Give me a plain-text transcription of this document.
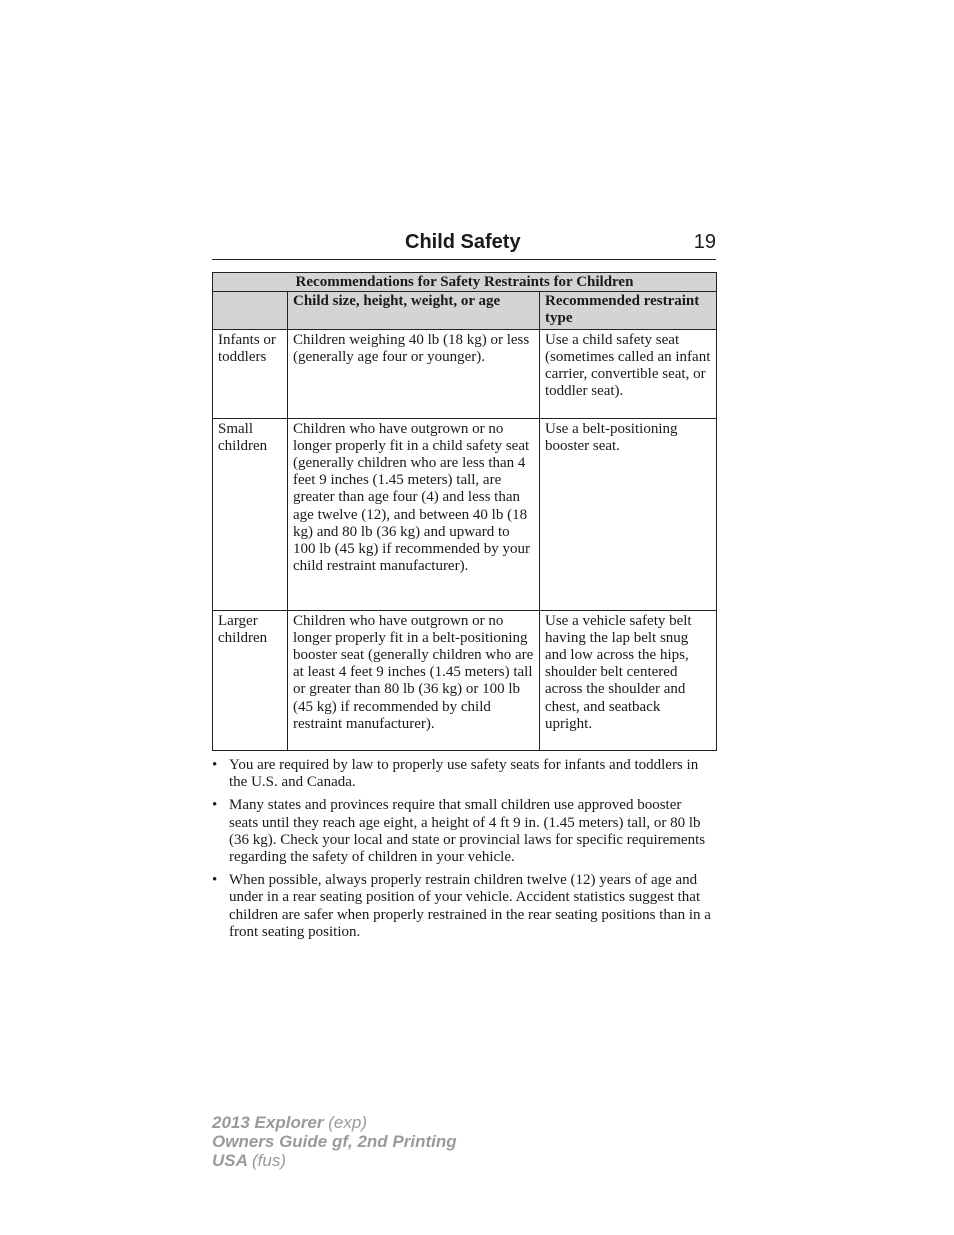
Child Safety	19
Recommendations for Safety Restraints for Children		
	Child size, height, weight, or age	Recommended restraint type
Infants or toddlers	Children weighing 40 lb (18 kg) or less (generally age four or younger).	Use a child safety seat (sometimes called an infant carrier, convertible seat, or toddler seat).
Small children	Children who have outgrown or no longer properly fit in a child safety seat (generally children who are less than 4 feet 9 inches (1.45 meters) tall, are greater than age four (4) and less than age twelve (12), and between 40 lb (18 kg) and 80 lb (36 kg) and upward to 100 lb (45 kg) if recommended by your child restraint manufacturer).	Use a belt-positioning booster seat.
Larger children	Children who have outgrown or no longer properly fit in a belt-positioning booster seat (generally children who are at least 4 feet 9 inches (1.45 meters) tall or greater than 80 lb (36 kg) or 100 lb (45 kg) if recommended by child restraint manufacturer).	Use a vehicle safety belt having the lap belt snug and low across the hips, shoulder belt centered across the shoulder and chest, and seatback upright.
• You are required by law to properly use safety seats for infants and toddlers in the U.S. and Canada.
• Many states and provinces require that small children use approved booster seats until they reach age eight, a height of 4 ft 9 in. (1.45 meters) tall, or 80 lb (36 kg). Check your local and state or provincial laws for specific requirements regarding the safety of children in your vehicle.
• When possible, always properly restrain children twelve (12) years of age and under in a rear seating position of your vehicle. Accident statistics suggest that children are safer when properly restrained in the rear seating positions than in a front seating position.
2013 Explorer (exp)
Owners Guide gf, 2nd Printing
USA (fus)
